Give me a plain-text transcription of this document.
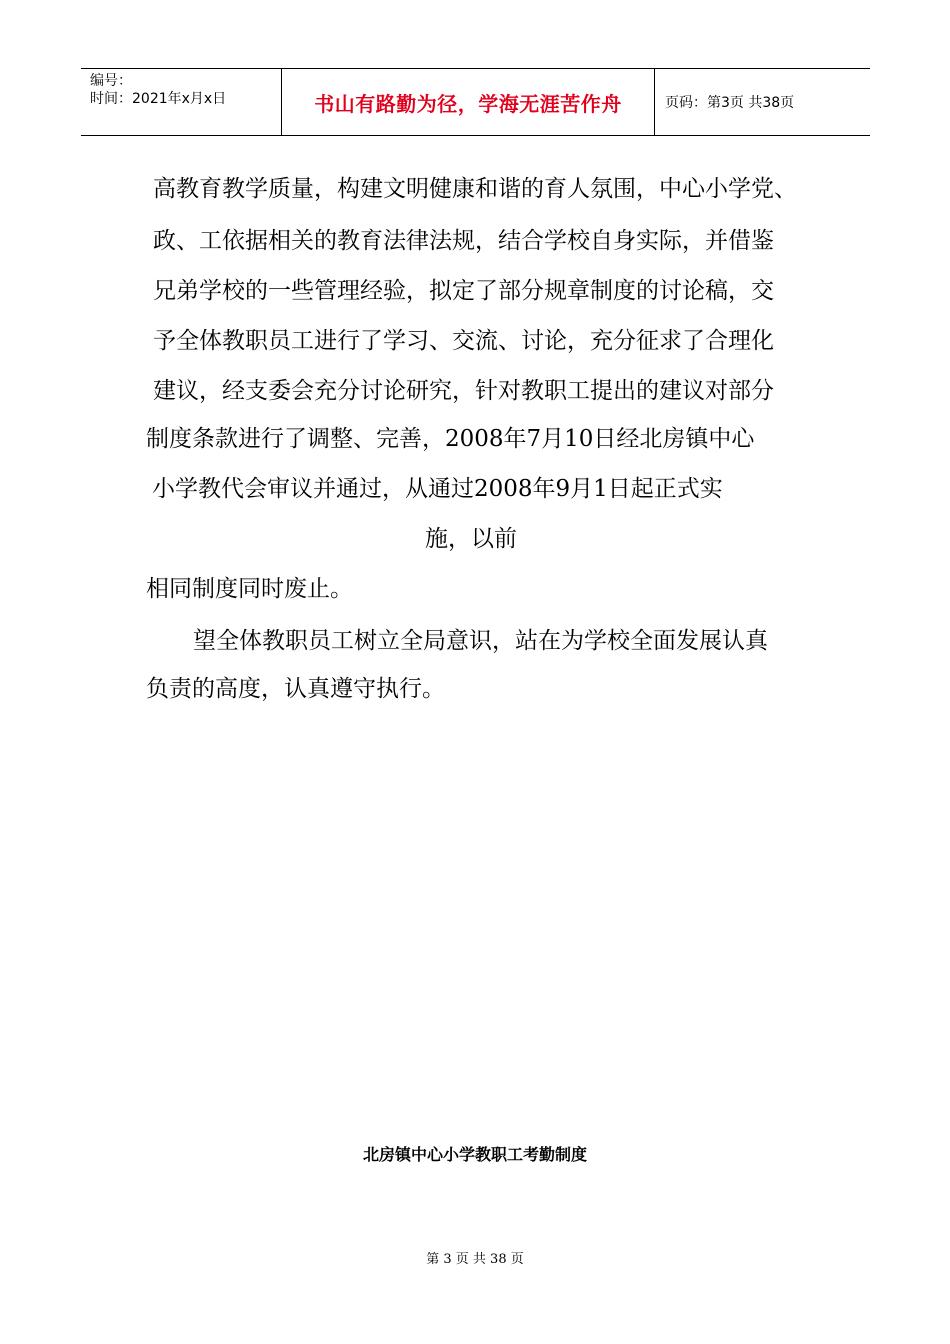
编号：
时间：2021年x月x日	书山有路勤为径，学海无涯苦作舟	页码：第3页 共38页
高教育教学质量，构建文明健康和谐的育人氛围，中心小学党、
政、工依据相关的教育法律法规，结合学校自身实际，并借鉴
兄弟学校的一些管理经验，拟定了部分规章制度的讨论稿，交
予全体教职员工进行了学习、交流、讨论，充分征求了合理化
建议，经支委会充分讨论研究，针对教职工提出的建议对部分
制度条款进行了调整、完善，2008年7月10日经北房镇中心
小学教代会审议并通过，从通过2008年9月1日起正式实
施，以前
相同制度同时废止。
望全体教职员工树立全局意识，站在为学校全面发展认真
负责的高度，认真遵守执行。
北房镇中心小学教职工考勤制度
第 3 页 共 38 页
